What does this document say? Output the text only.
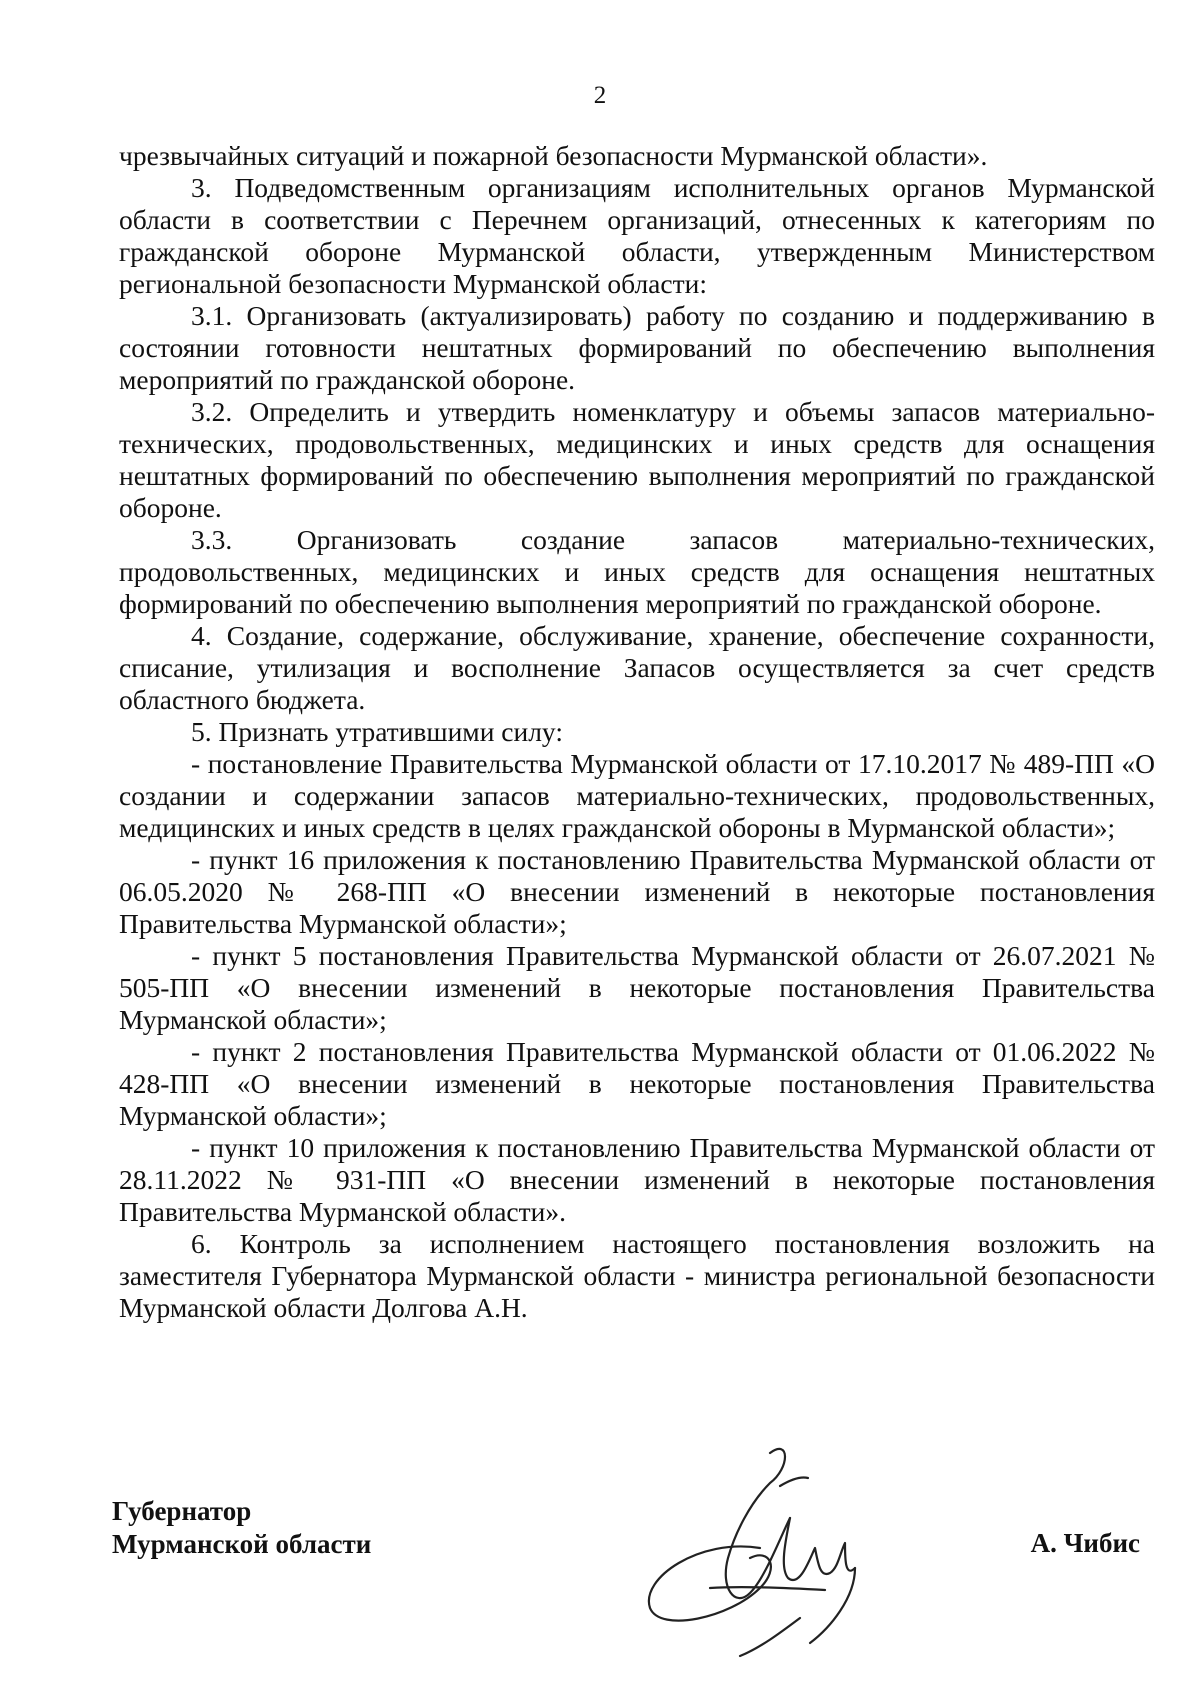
2

чрезвычайных ситуаций и пожарной безопасности Мурманской области».

3. Подведомственным организациям исполнительных органов Мурманской области в соответствии с Перечнем организаций, отнесенных к категориям по гражданской обороне Мурманской области, утвержденным Министерством региональной безопасности Мурманской области:

3.1. Организовать (актуализировать) работу по созданию и поддерживанию в состоянии готовности нештатных формирований по обеспечению выполнения мероприятий по гражданской обороне.

3.2. Определить и утвердить номенклатуру и объемы запасов материально-технических, продовольственных, медицинских и иных средств для оснащения нештатных формирований по обеспечению выполнения мероприятий по гражданской обороне.

3.3. Организовать создание запасов материально-технических, продовольственных, медицинских и иных средств для оснащения нештатных формирований по обеспечению выполнения мероприятий по гражданской обороне.

4. Создание, содержание, обслуживание, хранение, обеспечение сохранности, списание, утилизация и восполнение Запасов осуществляется за счет средств областного бюджета.

5. Признать утратившими силу:

- постановление Правительства Мурманской области от 17.10.2017 № 489-ПП «О создании и содержании запасов материально-технических, продовольственных, медицинских и иных средств в целях гражданской обороны в Мурманской области»;

- пункт 16 приложения к постановлению Правительства Мурманской области от 06.05.2020 № 268-ПП «О внесении изменений в некоторые постановления Правительства Мурманской области»;

- пункт 5 постановления Правительства Мурманской области от 26.07.2021 № 505-ПП «О внесении изменений в некоторые постановления Правительства Мурманской области»;

- пункт 2 постановления Правительства Мурманской области от 01.06.2022 № 428-ПП «О внесении изменений в некоторые постановления Правительства Мурманской области»;

- пункт 10 приложения к постановлению Правительства Мурманской области от 28.11.2022 № 931-ПП «О внесении изменений в некоторые постановления Правительства Мурманской области».

6. Контроль за исполнением настоящего постановления возложить на заместителя Губернатора Мурманской области - министра региональной безопасности Мурманской области Долгова А.Н.

Губернатор
Мурманской области	А. Чибис
